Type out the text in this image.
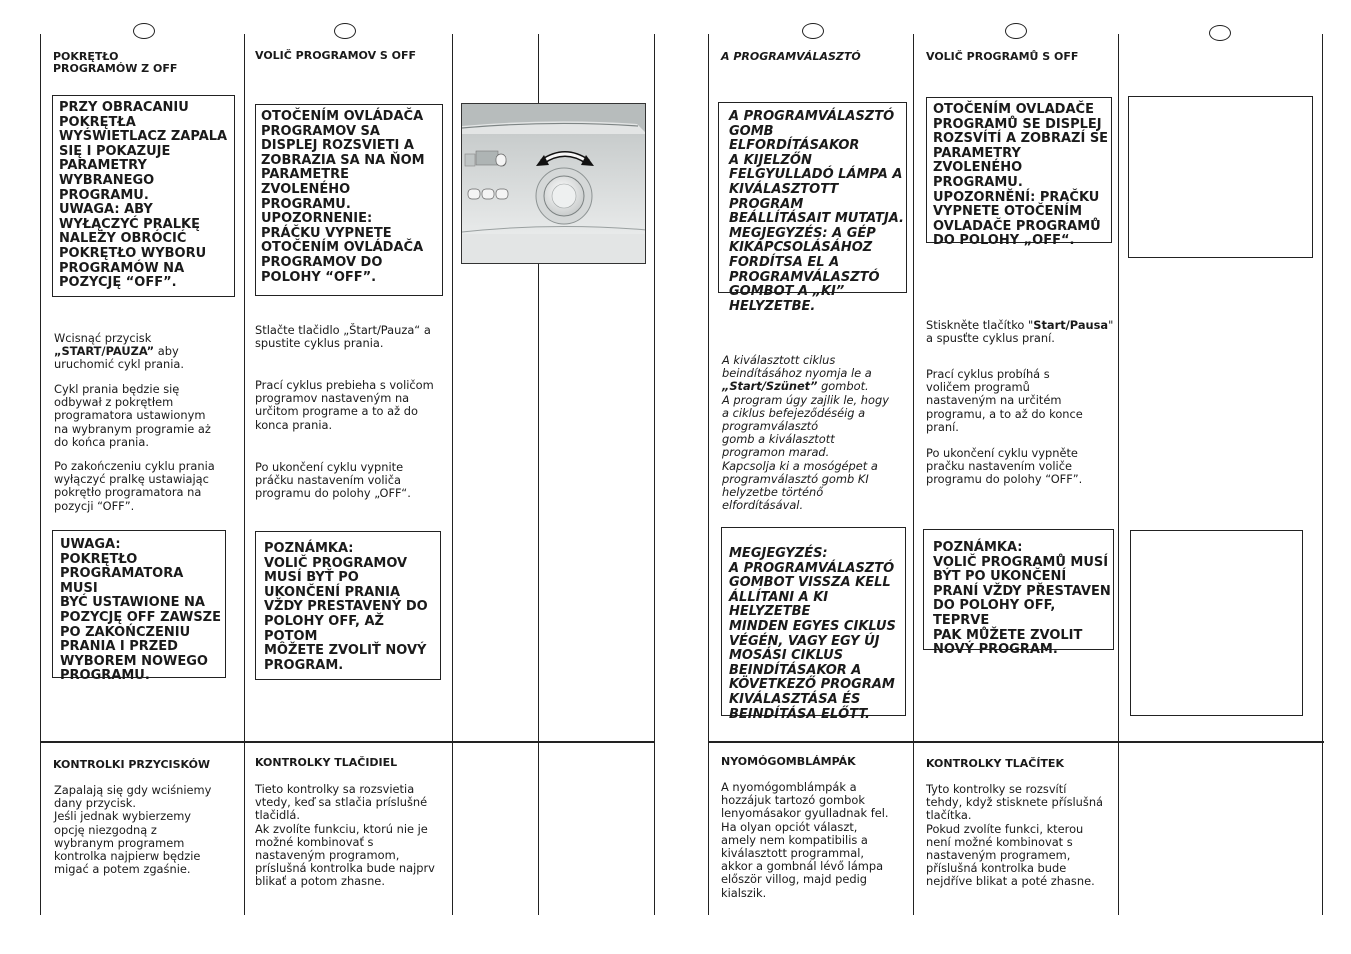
POKRĘTŁO
PROGRAMÓW Z OFF
PRZY OBRACANIU
POKRĘTŁA
WYŚWIETLACZ ZAPALA
SIĘ I POKAZUJE
PARAMETRY
WYBRANEGO
PROGRAMU.
UWAGA: ABY
WYŁĄCZYĆ PRALKĘ
NALEŻY OBRÓCIĆ
POKRĘTŁO WYBORU
PROGRAMÓW NA
POZYCJĘ “OFF”.
Wcisnąć przycisk
„START/PAUZA” aby
uruchomić cykl prania.
Cykl prania będzie się
odbywał z pokrętłem
programatora ustawionym
na wybranym programie aż
do końca prania.
Po zakończeniu cyklu prania
wyłączyć pralkę ustawiając
pokrętło programatora na
pozycji “OFF”.
UWAGA:
POKRĘTŁO
PROGRAMATORA MUSI
BYĆ USTAWIONE NA
POZYCJĘ OFF ZAWSZE
PO ZAKOŃCZENIU
PRANIA I PRZED
WYBOREM NOWEGO
PROGRAMU.
KONTROLKI PRZYCISKÓW
Zapalają się gdy wciśniemy
dany przycisk.
Jeśli jednak wybierzemy
opcję niezgodną z
wybranym programem
kontrolka najpierw będzie
migać a potem zgaśnie.
VOLIČ PROGRAMOV S OFF
OTOČENÍM OVLÁDAČA
PROGRAMOV SA
DISPLEJ ROZSVIETI A
ZOBRAZIA SA NA ŇOM
PARAMETRE
ZVOLENÉHO
PROGRAMU.
UPOZORNENIE:
PRÁČKU VYPNETE
OTOČENÍM OVLÁDAČA
PROGRAMOV DO
POLOHY “OFF”.
Stlačte tlačidlo „Štart/Pauza“ a
spustite cyklus prania.
Prací cyklus prebieha s voličom
programov nastaveným na
určitom programe a to až do
konca prania.
Po ukončení cyklu vypnite
práčku nastavením voliča
programu do polohy „OFF“.
POZNÁMKA:
VOLIČ PROGRAMOV
MUSÍ BYŤ PO
UKONČENÍ PRANIA
VŽDY PRESTAVENÝ DO
POLOHY OFF, AŽ
POTOM
MÔŽETE ZVOLIŤ NOVÝ
PROGRAM.
KONTROLKY TLAČIDIEL
Tieto kontrolky sa rozsvietia
vtedy, keď sa stlačia príslušné
tlačidlá.
Ak zvolíte funkciu, ktorú nie je
možné kombinovať s
nastaveným programom,
príslušná kontrolka bude najprv
blikať a potom zhasne.
A PROGRAMVÁLASZTÓ
A PROGRAMVÁLASZTÓ
GOMB ELFORDÍTÁSAKOR
A KIJELZŐN
FELGYULLADÓ LÁMPA A
KIVÁLASZTOTT PROGRAM
BEÁLLÍTÁSAIT MUTATJA.
MEGJEGYZÉS: A GÉP
KIKAPCSOLÁSÁHOZ
FORDÍTSA EL A
PROGRAMVÁLASZTÓ
GOMBOT A „KI”
HELYZETBE.
A kiválasztott ciklus
beindításához nyomja le a
„Start/Szünet” gombot.
A program úgy zajlik le, hogy
a ciklus befejeződéséig a
programválasztó
gomb a kiválasztott
programon marad.
Kapcsolja ki a mosógépet a
programválasztó gomb KI
helyzetbe történő
elfordításával.
MEGJEGYZÉS:
A PROGRAMVÁLASZTÓ
GOMBOT VISSZA KELL
ÁLLÍTANI A KI HELYZETBE
MINDEN EGYES CIKLUS
VÉGÉN, VAGY EGY ÚJ
MOSÁSI CIKLUS
BEINDÍTÁSAKOR A
KÖVETKEZŐ PROGRAM
KIVÁLASZTÁSA ÉS
BEINDÍTÁSA ELŐTT.
NYOMÓGOMBLÁMPÁK
A nyomógomblámpák a
hozzájuk tartozó gombok
lenyomásakor gyulladnak fel.
Ha olyan opciót választ,
amely nem kompatibilis a
kiválasztott programmal,
akkor a gombnál lévő lámpa
először villog, majd pedig
kialszik.
VOLIČ PROGRAMŮ S OFF
OTOČENÍM OVLADAČE
PROGRAMŮ SE DISPLEJ
ROZSVÍTÍ A ZOBRAZÍ SE
PARAMETRY ZVOLENÉHO
PROGRAMU.
UPOZORNĚNÍ: PRAČKU
VYPNETE OTOČENÍM
OVLADAČE PROGRAMŮ
DO POLOHY „OFF“.
Stiskněte tlačítko "Start/Pausa"
a spusťte cyklus praní.
Prací cyklus probíhá s
voličem programů
nastaveným na určitém
programu, a to až do konce
praní.
Po ukončení cyklu vypněte
pračku nastavením voliče
programu do polohy “OFF”.
POZNÁMKA:
VOLIČ PROGRAMŮ MUSÍ
BÝT PO UKONČENÍ
PRANÍ VŽDY PŘESTAVEN
DO POLOHY OFF, TEPRVE
PAK MŮŽETE ZVOLIT
NOVÝ PROGRAM.
KONTROLKY TLAČÍTEK
Tyto kontrolky se rozsvítí
tehdy, když stisknete příslušná
tlačítka.
Pokud zvolíte funkci, kterou
není možné kombinovat s
nastaveným programem,
příslušná kontrolka bude
nejdříve blikat a poté zhasne.
